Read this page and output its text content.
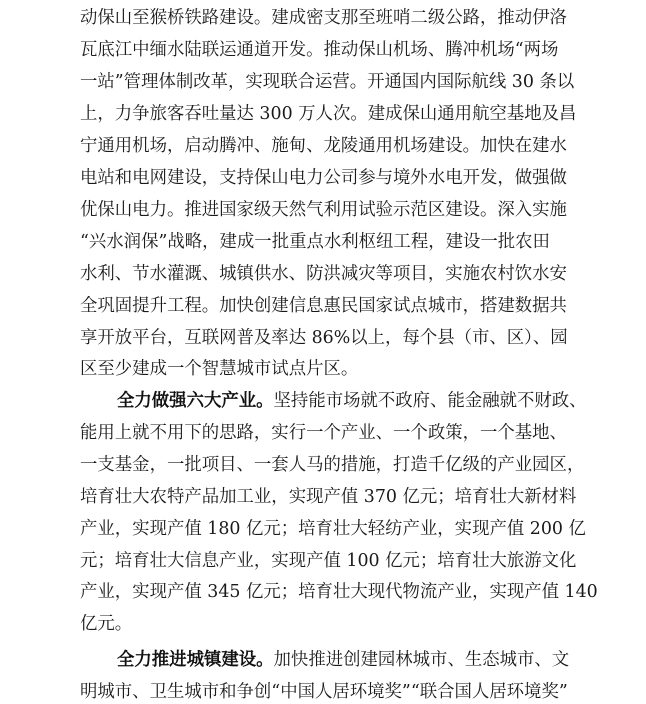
动保山至猴桥铁路建设。建成密支那至班哨二级公路，推动伊洛
瓦底江中缅水陆联运通道开发。推动保山机场、腾冲机场“两场
一站”管理体制改革，实现联合运营。开通国内国际航线 30 条以
上，力争旅客吞吐量达 300 万人次。建成保山通用航空基地及昌
宁通用机场，启动腾冲、施甸、龙陵通用机场建设。加快在建水
电站和电网建设，支持保山电力公司参与境外水电开发，做强做
优保山电力。推进国家级天然气利用试验示范区建设。深入实施
“兴水润保”战略，建成一批重点水利枢纽工程，建设一批农田
水利、节水灌溉、城镇供水、防洪减灾等项目，实施农村饮水安
全巩固提升工程。加快创建信息惠民国家试点城市，搭建数据共
享开放平台，互联网普及率达 86%以上，每个县（市、区）、园
区至少建成一个智慧城市试点片区。
全力做强六大产业。坚持能市场就不政府、能金融就不财政、
能用上就不用下的思路，实行一个产业、一个政策，一个基地、
一支基金，一批项目、一套人马的措施，打造千亿级的产业园区，
培育壮大农特产品加工业，实现产值 370 亿元；培育壮大新材料
产业，实现产值 180 亿元；培育壮大轻纺产业，实现产值 200 亿
元；培育壮大信息产业，实现产值 100 亿元；培育壮大旅游文化
产业，实现产值 345 亿元；培育壮大现代物流产业，实现产值 140
亿元。
全力推进城镇建设。加快推进创建园林城市、生态城市、文
明城市、卫生城市和争创“中国人居环境奖”“联合国人居环境奖”
